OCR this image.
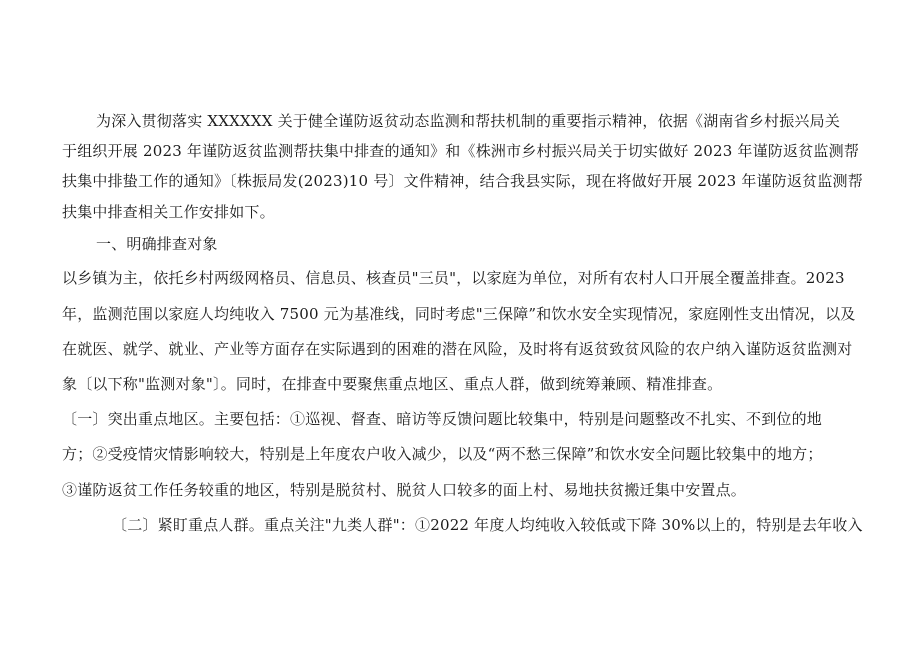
为深入贯彻落实 XXXXXX 关于健全谨防返贫动态监测和帮扶机制的重要指示精神，依据《湖南省乡村振兴局关
于组织开展 2023 年谨防返贫监测帮扶集中排查的通知》和《株洲市乡村振兴局关于切实做好 2023 年谨防返贫监测帮
扶集中排蛰工作的通知》〔株振局发(2023)10 号〕文件精神，结合我县实际，现在将做好开展 2023 年谨防返贫监测帮
扶集中排查相关工作安排如下。
一、明确排查对象
以乡镇为主，依托乡村两级网格员、信息员、核查员"三员"，以家庭为单位，对所有农村人口开展全覆盖排查。2023
年，监测范围以家庭人均纯收入 7500 元为基准线，同时考虑"三保障”和饮水安全实现情况，家庭刚性支出情况，以及
在就医、就学、就业、产业等方面存在实际遇到的困难的潜在风险，及时将有返贫致贫风险的农户纳入谨防返贫监测对
象〔以下称"监测对象"〕。同时，在排查中要聚焦重点地区、重点人群，做到统筹兼顾、精准排查。
〔一〕突出重点地区。主要包括：①巡视、督查、暗访等反馈问题比较集中，特别是问题整改不扎实、不到位的地
方；②受疫情灾情影响较大，特别是上年度农户收入减少，以及“两不愁三保障”和饮水安全问题比较集中的地方；
③谨防返贫工作任务较重的地区，特别是脱贫村、脱贫人口较多的面上村、易地扶贫搬迁集中安置点。
〔二〕紧盯重点人群。重点关注"九类人群"：①2022 年度人均纯收入较低或下降 30%以上的，特别是去年收入
